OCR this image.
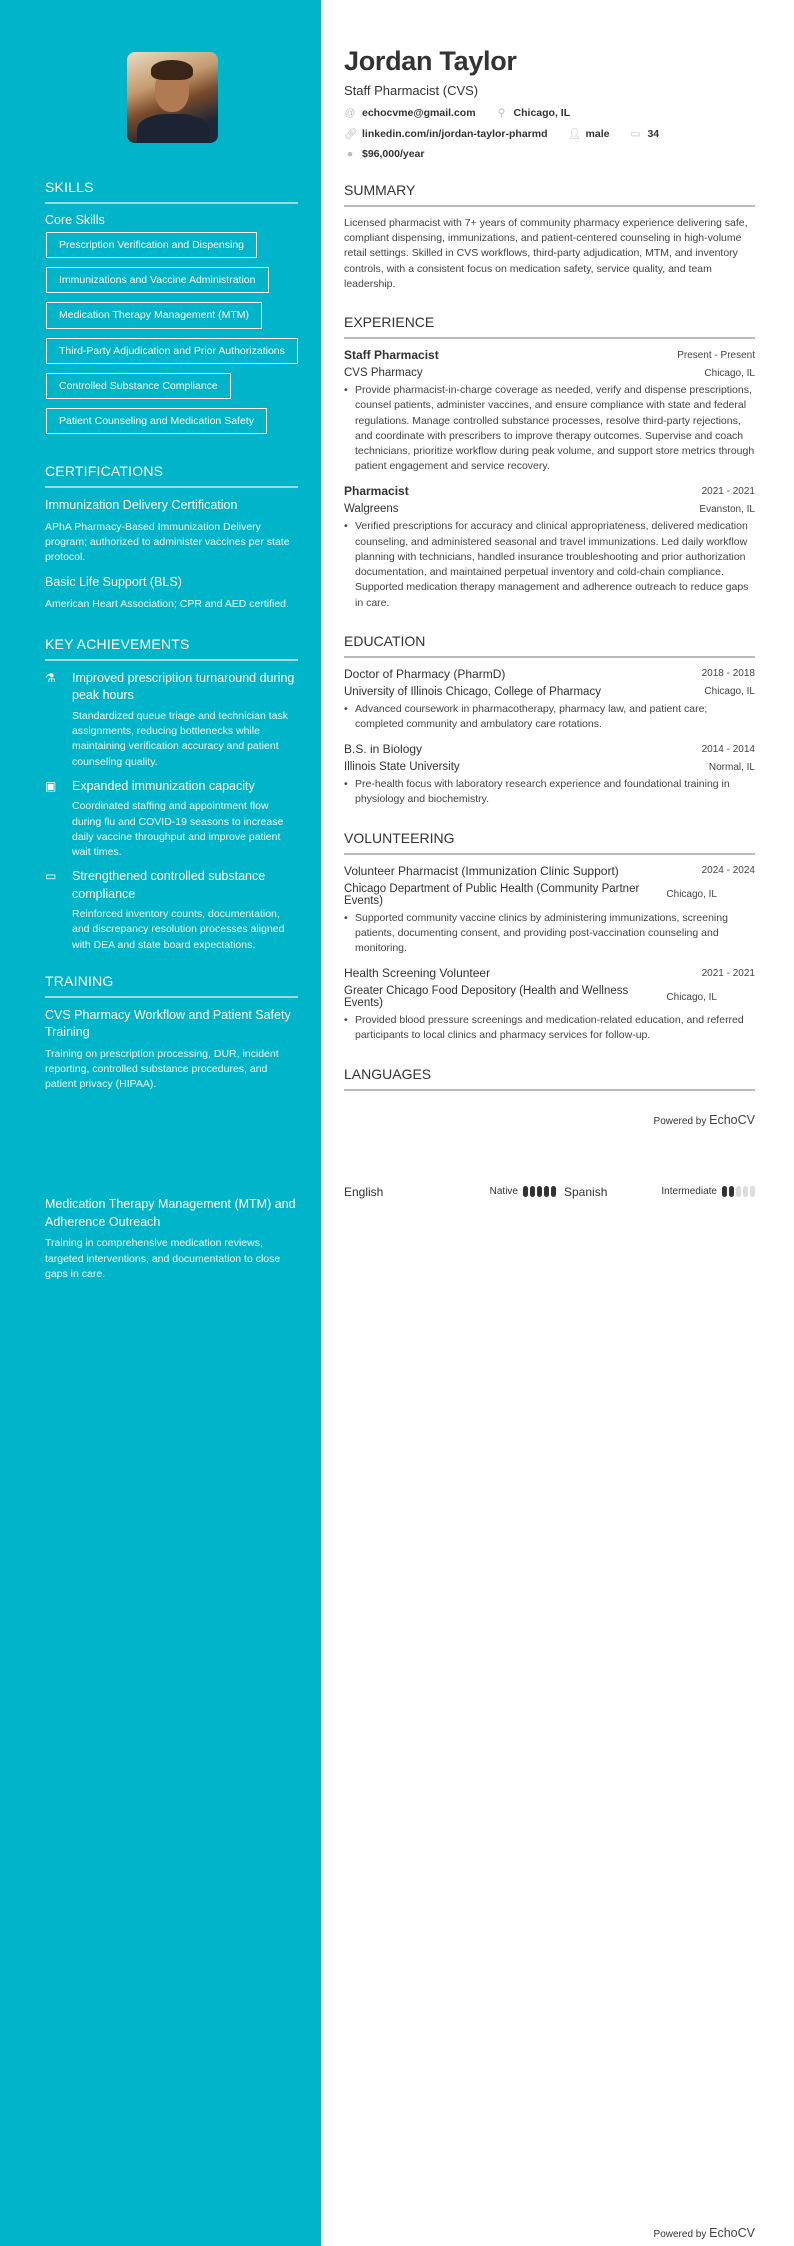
SKILLS
Core Skills
Prescription Verification and Dispensing
Immunizations and Vaccine Administration
Medication Therapy Management (MTM)
Third-Party Adjudication and Prior Authorizations
Controlled Substance Compliance
Patient Counseling and Medication Safety
CERTIFICATIONS
Immunization Delivery Certification
APhA Pharmacy-Based Immunization Delivery program; authorized to administer vaccines per state protocol.
Basic Life Support (BLS)
American Heart Association; CPR and AED certified.
KEY ACHIEVEMENTS
⚗	Improved prescription turnaround during peak hours
Standardized queue triage and technician task assignments, reducing bottlenecks while maintaining verification accuracy and patient counseling quality.
▣	Expanded immunization capacity
Coordinated staffing and appointment flow during flu and COVID-19 seasons to increase daily vaccine throughput and improve patient wait times.
▭	Strengthened controlled substance compliance
Reinforced inventory counts, documentation, and discrepancy resolution processes aligned with DEA and state board expectations.
TRAINING
CVS Pharmacy Workflow and Patient Safety Training
Training on prescription processing, DUR, incident reporting, controlled substance procedures, and patient privacy (HIPAA).
Medication Therapy Management (MTM) and Adherence Outreach
Training in comprehensive medication reviews, targeted interventions, and documentation to close gaps in care.
Jordan Taylor
Staff Pharmacist (CVS)
@ echocvme@gmail.com ⚲ Chicago, IL
🔗︎ linkedin.com/in/jordan-taylor-pharmd 👤︎ male ▭ 34
● $96,000/year
SUMMARY
Licensed pharmacist with 7+ years of community pharmacy experience delivering safe, compliant dispensing, immunizations, and patient-centered counseling in high-volume retail settings. Skilled in CVS workflows, third-party adjudication, MTM, and inventory controls, with a consistent focus on medication safety, service quality, and team leadership.
EXPERIENCE
Staff Pharmacist	Present - Present
CVS Pharmacy	Chicago, IL
• Provide pharmacist-in-charge coverage as needed, verify and dispense prescriptions, counsel patients, administer vaccines, and ensure compliance with state and federal regulations. Manage controlled substance processes, resolve third-party rejections, and coordinate with prescribers to improve therapy outcomes. Supervise and coach technicians, prioritize workflow during peak volume, and support store metrics through patient engagement and service recovery.
Pharmacist	2021 - 2021
Walgreens	Evanston, IL
• Verified prescriptions for accuracy and clinical appropriateness, delivered medication counseling, and administered seasonal and travel immunizations. Led daily workflow planning with technicians, handled insurance troubleshooting and prior authorization documentation, and maintained perpetual inventory and cold-chain compliance. Supported medication therapy management and adherence outreach to reduce gaps in care.
EDUCATION
Doctor of Pharmacy (PharmD)	2018 - 2018
University of Illinois Chicago, College of Pharmacy	Chicago, IL
• Advanced coursework in pharmacotherapy, pharmacy law, and patient care; completed community and ambulatory care rotations.
B.S. in Biology	2014 - 2014
Illinois State University	Normal, IL
• Pre-health focus with laboratory research experience and foundational training in physiology and biochemistry.
VOLUNTEERING
Volunteer Pharmacist (Immunization Clinic Support)	2024 - 2024
Chicago Department of Public Health (Community Partner Events)	Chicago, IL
• Supported community vaccine clinics by administering immunizations, screening patients, documenting consent, and providing post-vaccination counseling and monitoring.
Health Screening Volunteer	2021 - 2021
Greater Chicago Food Depository (Health and Wellness Events)	Chicago, IL
• Provided blood pressure screenings and medication-related education, and referred participants to local clinics and pharmacy services for follow-up.
LANGUAGES
Powered by EchoCV
English	Native	Spanish	Intermediate
Powered by EchoCV
